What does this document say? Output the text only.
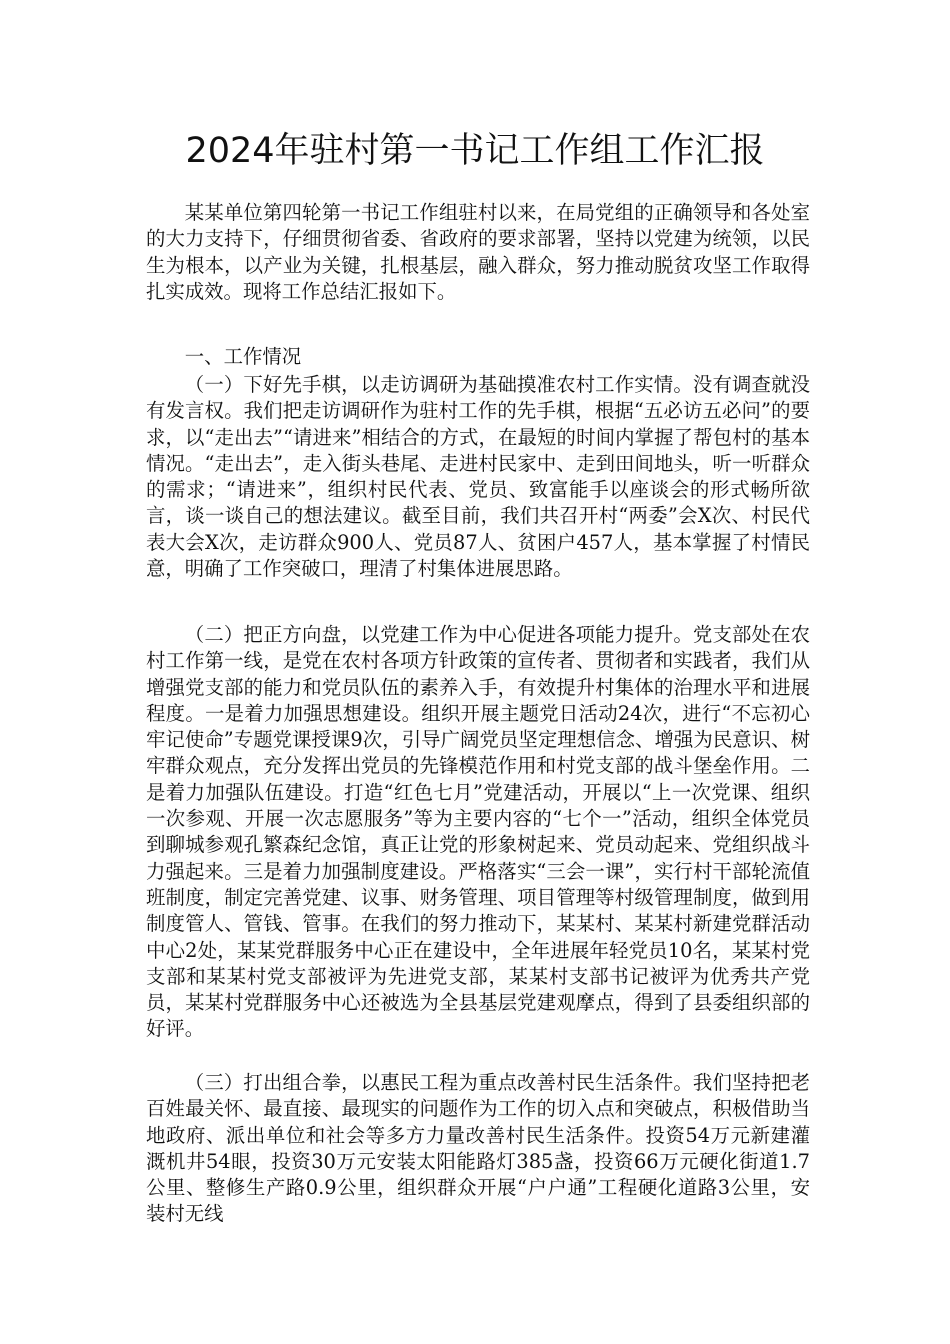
2024年驻村第一书记工作组工作汇报

某某单位第四轮第一书记工作组驻村以来，在局党组的正确领导和各处室的大力支持下，仔细贯彻省委、省政府的要求部署，坚持以党建为统领，以民生为根本，以产业为关键，扎根基层，融入群众，努力推动脱贫攻坚工作取得扎实成效。现将工作总结汇报如下。

一、工作情况

（一）下好先手棋，以走访调研为基础摸准农村工作实情。没有调查就没有发言权。我们把走访调研作为驻村工作的先手棋，根据“五必访五必问”的要求，以“走出去”“请进来”相结合的方式，在最短的时间内掌握了帮包村的基本情况。“走出去”，走入街头巷尾、走进村民家中、走到田间地头，听一听群众的需求；“请进来”，组织村民代表、党员、致富能手以座谈会的形式畅所欲言，谈一谈自己的想法建议。截至目前，我们共召开村“两委”会X次、村民代表大会X次，走访群众900人、党员87人、贫困户457人，基本掌握了村情民意，明确了工作突破口，理清了村集体进展思路。

（二）把正方向盘，以党建工作为中心促进各项能力提升。党支部处在农村工作第一线，是党在农村各项方针政策的宣传者、贯彻者和实践者，我们从增强党支部的能力和党员队伍的素养入手，有效提升村集体的治理水平和进展程度。一是着力加强思想建设。组织开展主题党日活动24次，进行“不忘初心牢记使命”专题党课授课9次，引导广阔党员坚定理想信念、增强为民意识、树牢群众观点，充分发挥出党员的先锋模范作用和村党支部的战斗堡垒作用。二是着力加强队伍建设。打造“红色七月”党建活动，开展以“上一次党课、组织一次参观、开展一次志愿服务”等为主要内容的“七个一”活动，组织全体党员到聊城参观孔繁森纪念馆，真正让党的形象树起来、党员动起来、党组织战斗力强起来。三是着力加强制度建设。严格落实“三会一课”，实行村干部轮流值班制度，制定完善党建、议事、财务管理、项目管理等村级管理制度，做到用制度管人、管钱、管事。在我们的努力推动下，某某村、某某村新建党群活动中心2处，某某党群服务中心正在建设中，全年进展年轻党员10名，某某村党支部和某某村党支部被评为先进党支部，某某村支部书记被评为优秀共产党员，某某村党群服务中心还被选为全县基层党建观摩点，得到了县委组织部的好评。

（三）打出组合拳，以惠民工程为重点改善村民生活条件。我们坚持把老百姓最关怀、最直接、最现实的问题作为工作的切入点和突破点，积极借助当地政府、派出单位和社会等多方力量改善村民生活条件。投资54万元新建灌溉机井54眼，投资30万元安装太阳能路灯385盏，投资66万元硬化街道1.7公里、整修生产路0.9公里，组织群众开展“户户通”工程硬化道路3公里，安装村无线
